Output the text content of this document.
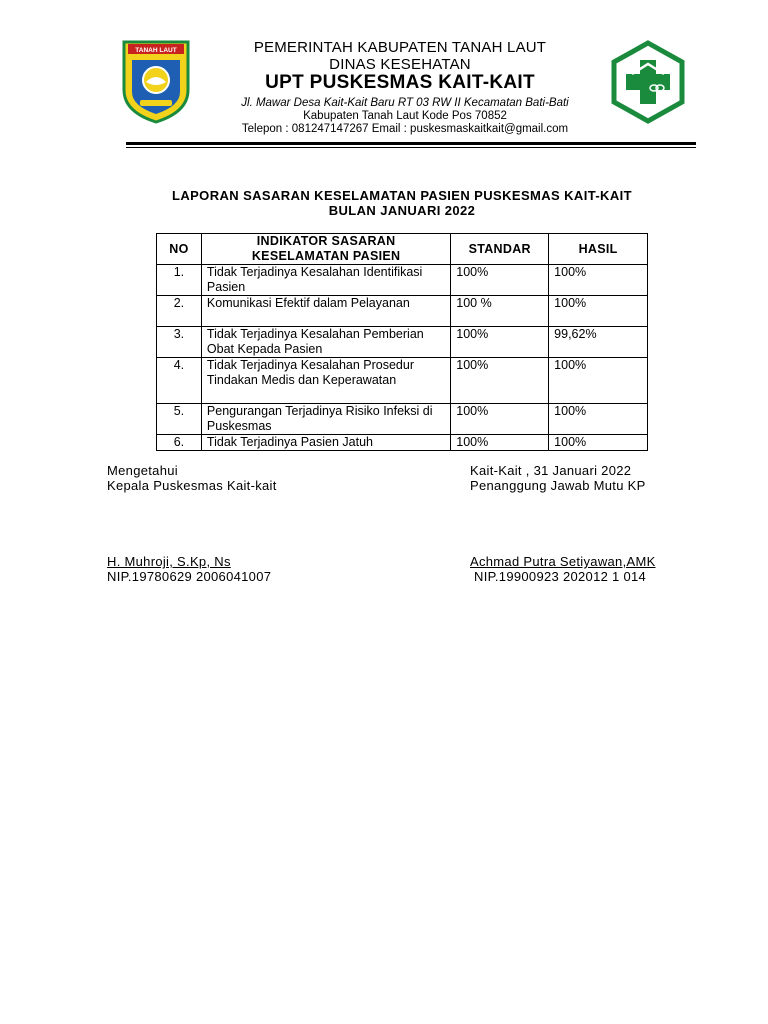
TANAH LAUT	PEMERINTAH KABUPATEN TANAH LAUT
DINAS KESEHATAN
UPT PUSKESMAS KAIT-KAIT
Jl. Mawar Desa Kait-Kait Baru RT 03 RW II Kecamatan Bati-Bati
Kabupaten Tanah Laut Kode Pos 70852
Telepon : 081247147267 Email : puskesmaskaitkait@gmail.com
LAPORAN SASARAN KESELAMATAN PASIEN PUSKESMAS KAIT-KAIT
BULAN JANUARI 2022
NO	INDIKATOR SASARAN KESELAMATAN PASIEN	STANDAR	HASIL
1.	Tidak Terjadinya Kesalahan Identifikasi Pasien	100%	100%
2.	Komunikasi Efektif dalam Pelayanan	100 %	100%
3.	Tidak Terjadinya Kesalahan Pemberian Obat Kepada Pasien	100%	99,62%
4.	Tidak Terjadinya Kesalahan Prosedur Tindakan Medis dan Keperawatan	100%	100%
5.	Pengurangan Terjadinya Risiko Infeksi di Puskesmas	100%	100%
6.	Tidak Terjadinya Pasien Jatuh	100%	100%
Mengetahui
Kepala Puskesmas Kait-kait
H. Muhroji, S.Kp, Ns
NIP.19780629 2006041007
Kait-Kait , 31 Januari 2022
Penanggung Jawab Mutu KP
Achmad Putra Setiyawan,AMK
NIP.19900923 202012 1 014
